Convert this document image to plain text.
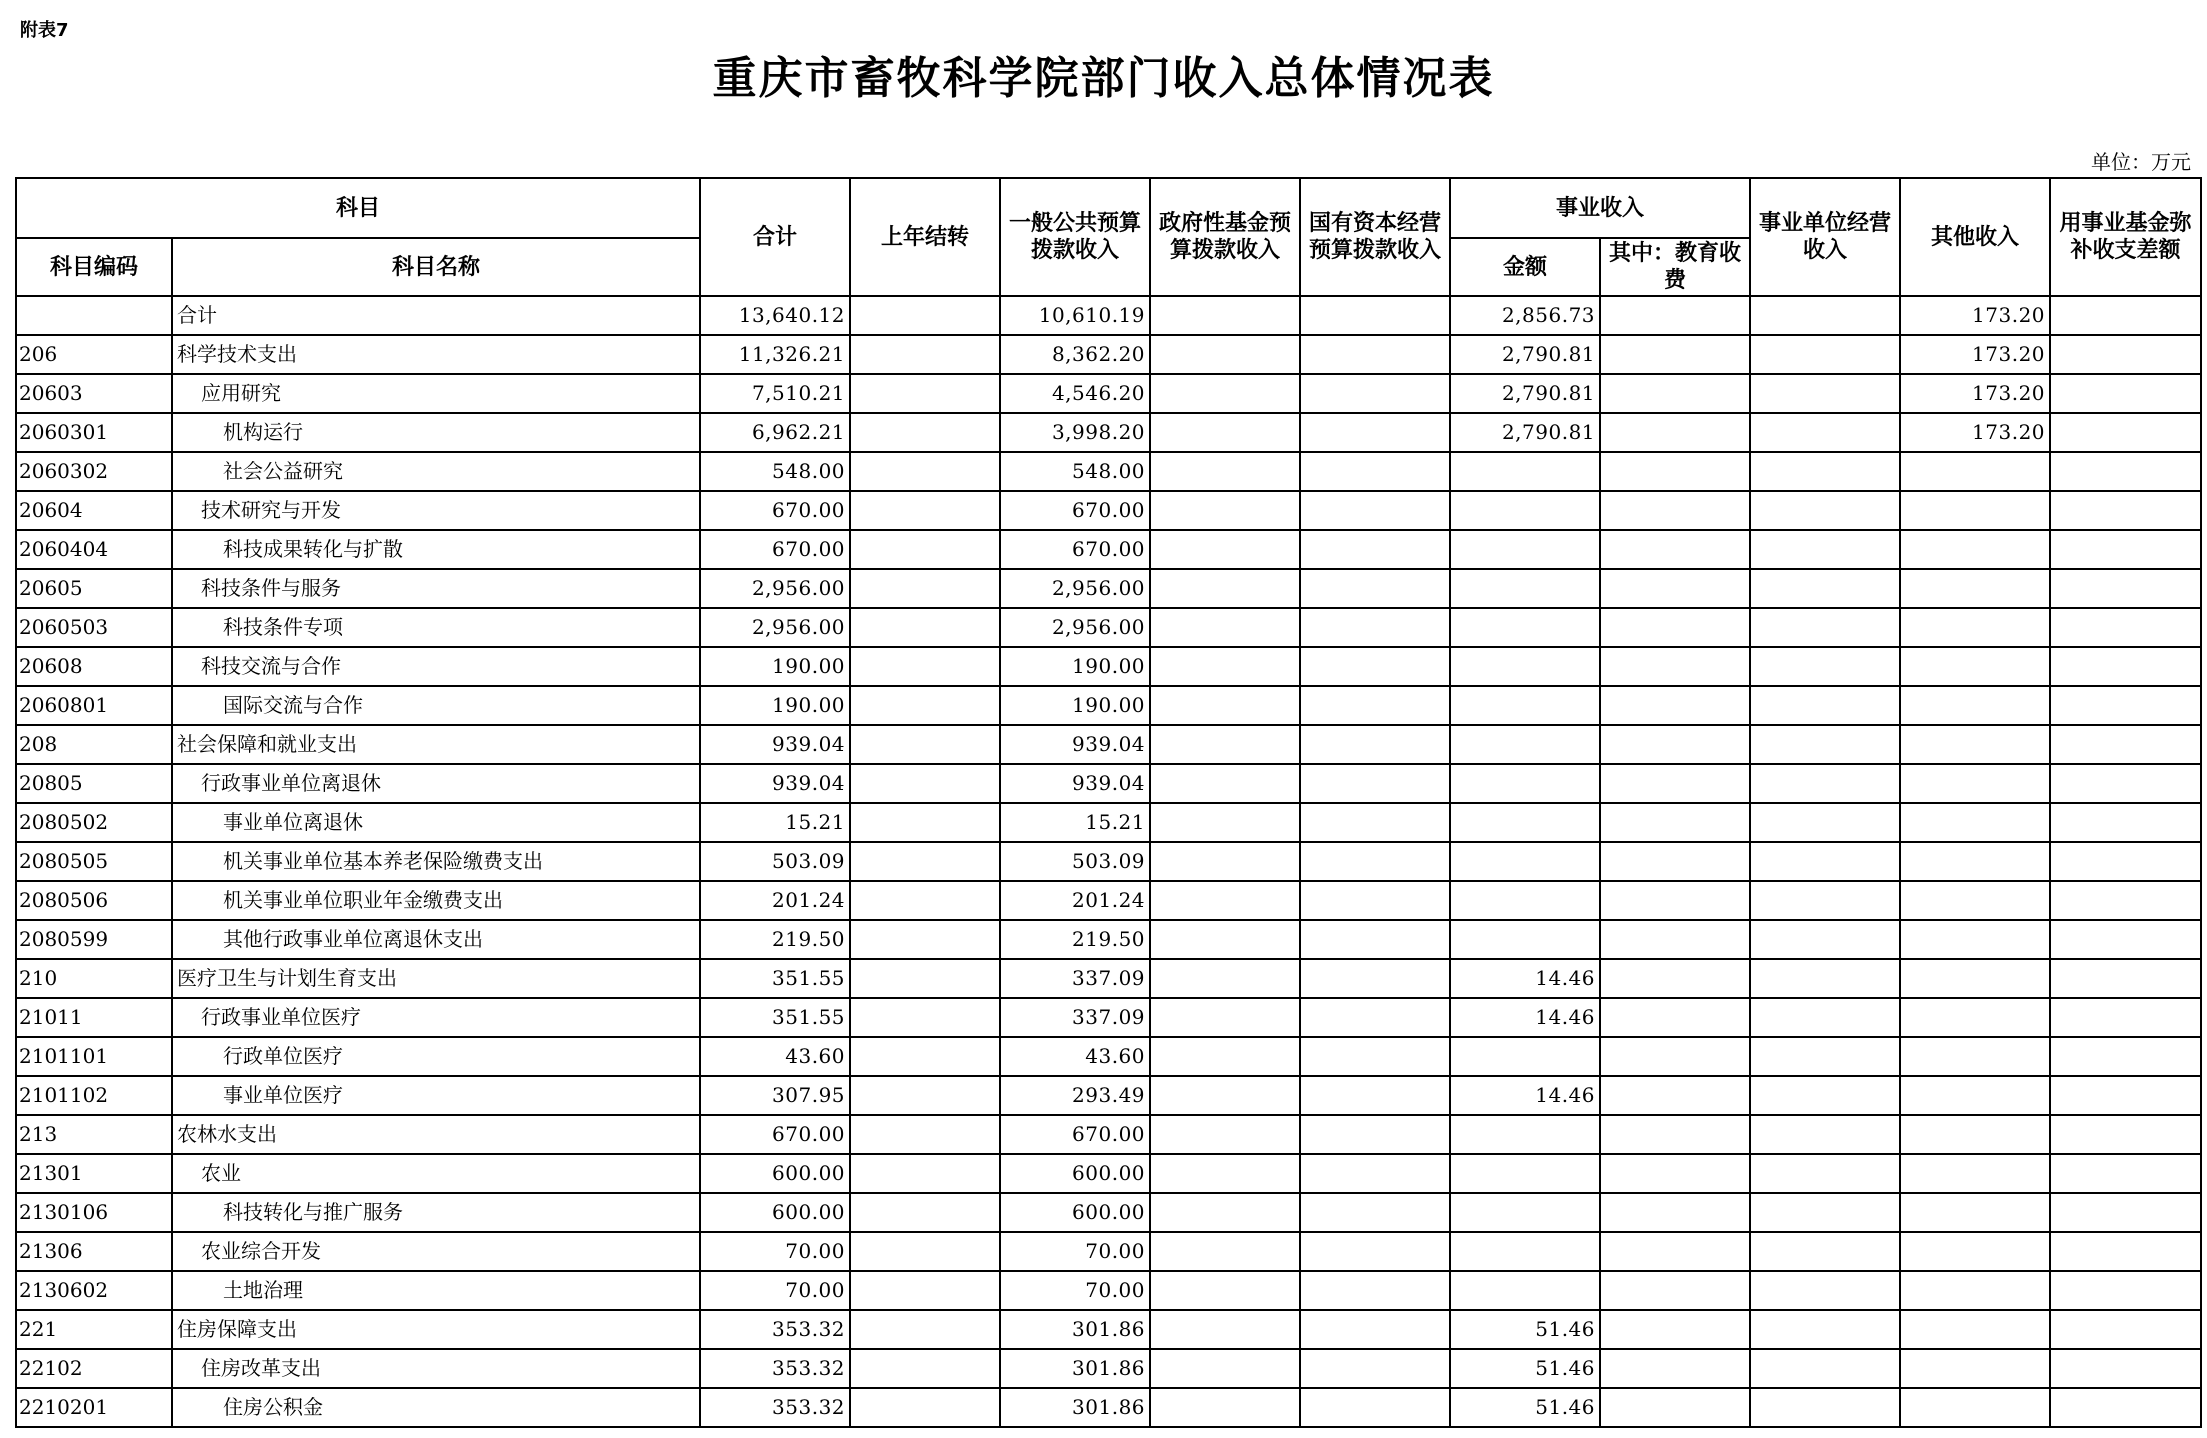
附表7
重庆市畜牧科学院部门收入总体情况表
单位：万元
科目		合计	上年结转	一般公共预算拨款收入	政府性基金预算拨款收入	国有资本经营预算拨款收入	事业收入		事业单位经营收入	其他收入	用事业基金弥补收支差额
科目编码	科目名称						金额	其中：教育收费			
	合计	13,640.12		10,610.19			2,856.73			173.20	
206	科学技术支出	11,326.21		8,362.20			2,790.81			173.20	
20603	应用研究	7,510.21		4,546.20			2,790.81			173.20	
2060301	机构运行	6,962.21		3,998.20			2,790.81			173.20	
2060302	社会公益研究	548.00		548.00							
20604	技术研究与开发	670.00		670.00							
2060404	科技成果转化与扩散	670.00		670.00							
20605	科技条件与服务	2,956.00		2,956.00							
2060503	科技条件专项	2,956.00		2,956.00							
20608	科技交流与合作	190.00		190.00							
2060801	国际交流与合作	190.00		190.00							
208	社会保障和就业支出	939.04		939.04							
20805	行政事业单位离退休	939.04		939.04							
2080502	事业单位离退休	15.21		15.21							
2080505	机关事业单位基本养老保险缴费支出	503.09		503.09							
2080506	机关事业单位职业年金缴费支出	201.24		201.24							
2080599	其他行政事业单位离退休支出	219.50		219.50							
210	医疗卫生与计划生育支出	351.55		337.09			14.46				
21011	行政事业单位医疗	351.55		337.09			14.46				
2101101	行政单位医疗	43.60		43.60							
2101102	事业单位医疗	307.95		293.49			14.46				
213	农林水支出	670.00		670.00							
21301	农业	600.00		600.00							
2130106	科技转化与推广服务	600.00		600.00							
21306	农业综合开发	70.00		70.00							
2130602	土地治理	70.00		70.00							
221	住房保障支出	353.32		301.86			51.46				
22102	住房改革支出	353.32		301.86			51.46				
2210201	住房公积金	353.32		301.86			51.46				
